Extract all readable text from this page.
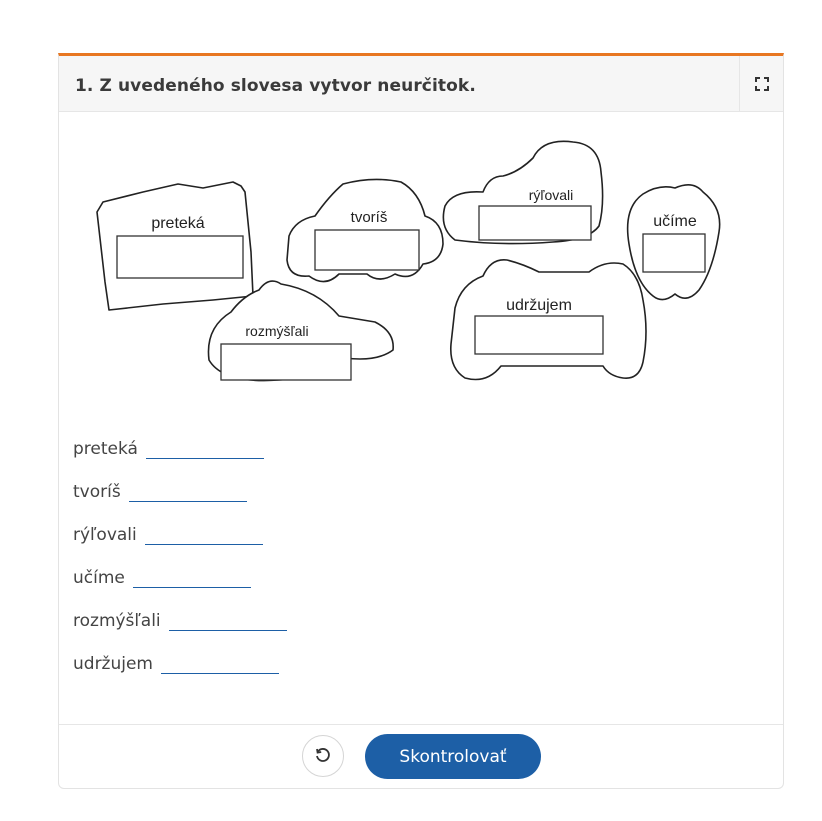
1. Z uvedeného slovesa vytvor neurčitok.
preteká	tvoríš
rýľovali
učíme
rozmýšľali
udržujem
preteká
tvoríš
rýľovali
učíme
rozmýšľali
udržujem
Skontrolovať
